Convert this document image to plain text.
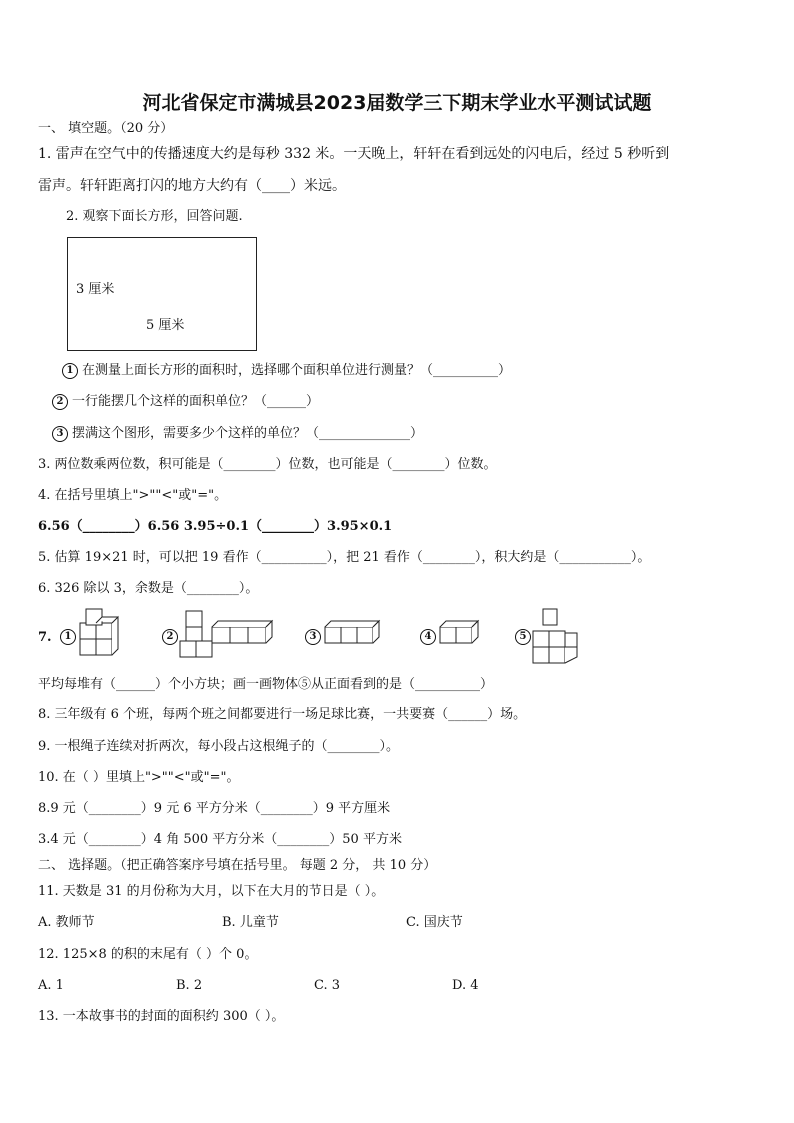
河北省保定市满城县2023届数学三下期末学业水平测试试题
一、 填空题。（20 分）
1. 雷声在空气中的传播速度大约是每秒 332 米。一天晚上，轩轩在看到远处的闪电后，经过 5 秒听到
雷声。轩轩距离打闪的地方大约有（____）米远。
2. 观察下面长方形，回答问题.
3 厘米
5 厘米
1 在测量上面长方形的面积时，选择哪个面积单位进行测量？（__________）
2 一行能摆几个这样的面积单位？（______）
3 摆满这个图形，需要多少个这样的单位？（______________）
3. 两位数乘两位数，积可能是（________）位数，也可能是（________）位数。
4. 在括号里填上">""<"或"="。
6.56（________）6.56 3.95÷0.1（________）3.95×0.1
5. 估算 19×21 时，可以把 19 看作（__________），把 21 看作（________），积大约是（___________）。
6. 326 除以 3，余数是（________）。
7.	1	2	3	4	5
平均每堆有（______）个小方块；画一画物体⑤从正面看到的是（__________）
8. 三年级有 6 个班，每两个班之间都要进行一场足球比赛，一共要赛（______）场。
9. 一根绳子连续对折两次，每小段占这根绳子的（________）。
10. 在（ ）里填上">""<"或"="。
8.9 元（________）9 元 6 平方分米（________）9 平方厘米
3.4 元（________）4 角 500 平方分米（________）50 平方米
二、 选择题。（把正确答案序号填在括号里。 每题 2 分， 共 10 分）
11. 天数是 31 的月份称为大月，以下在大月的节日是（ ）。
A. 教师节	B. 儿童节	C. 国庆节
12. 125×8 的积的末尾有（ ）个 0。
A. 1	B. 2	C. 3	D. 4
13. 一本故事书的封面的面积约 300（ ）。
